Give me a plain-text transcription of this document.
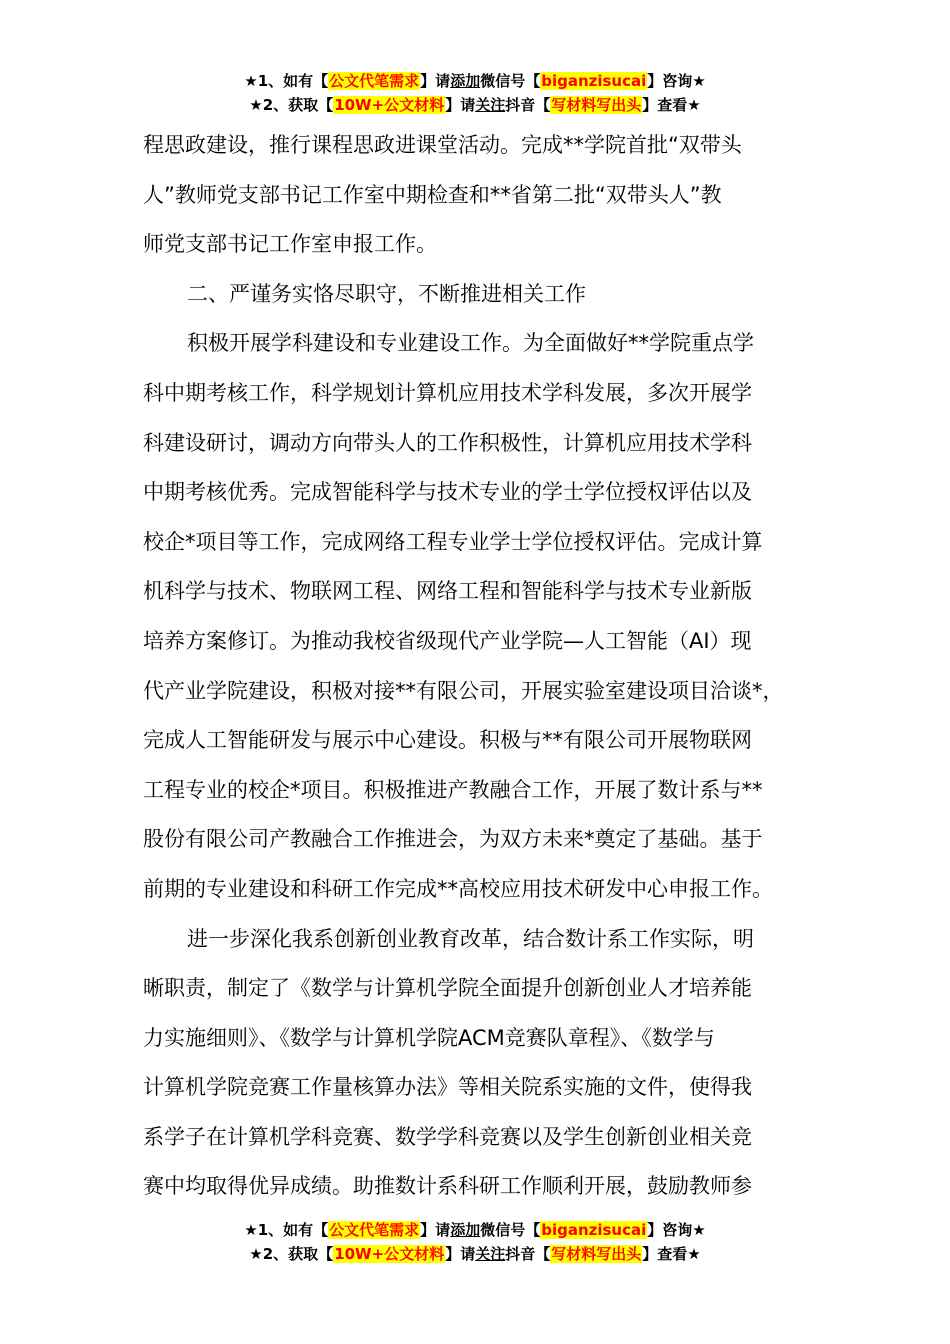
★1、如有【公文代笔需求】请添加微信号【biganzisucai】咨询★
★2、获取【10W+公文材料】请关注抖音【写材料写出头】查看★
程思政建设，推行课程思政进课堂活动。完成**学院首批“双带头
人”教师党支部书记工作室中期检查和**省第二批“双带头人”教
师党支部书记工作室申报工作。
二、严谨务实恪尽职守，不断推进相关工作
积极开展学科建设和专业建设工作。为全面做好**学院重点学
科中期考核工作，科学规划计算机应用技术学科发展，多次开展学
科建设研讨，调动方向带头人的工作积极性，计算机应用技术学科
中期考核优秀。完成智能科学与技术专业的学士学位授权评估以及
校企*项目等工作，完成网络工程专业学士学位授权评估。完成计算
机科学与技术、物联网工程、网络工程和智能科学与技术专业新版
培养方案修订。为推动我校省级现代产业学院—人工智能（AI）现
代产业学院建设，积极对接**有限公司，开展实验室建设项目洽谈*，
完成人工智能研发与展示中心建设。积极与**有限公司开展物联网
工程专业的校企*项目。积极推进产教融合工作，开展了数计系与**
股份有限公司产教融合工作推进会，为双方未来*奠定了基础。基于
前期的专业建设和科研工作完成**高校应用技术研发中心申报工作。
进一步深化我系创新创业教育改革，结合数计系工作实际，明
晰职责，制定了《数学与计算机学院全面提升创新创业人才培养能
力实施细则》、《数学与计算机学院ACM竞赛队章程》、《数学与
计算机学院竞赛工作量核算办法》等相关院系实施的文件，使得我
系学子在计算机学科竞赛、数学学科竞赛以及学生创新创业相关竞
赛中均取得优异成绩。助推数计系科研工作顺利开展，鼓励教师参
★1、如有【公文代笔需求】请添加微信号【biganzisucai】咨询★
★2、获取【10W+公文材料】请关注抖音【写材料写出头】查看★
